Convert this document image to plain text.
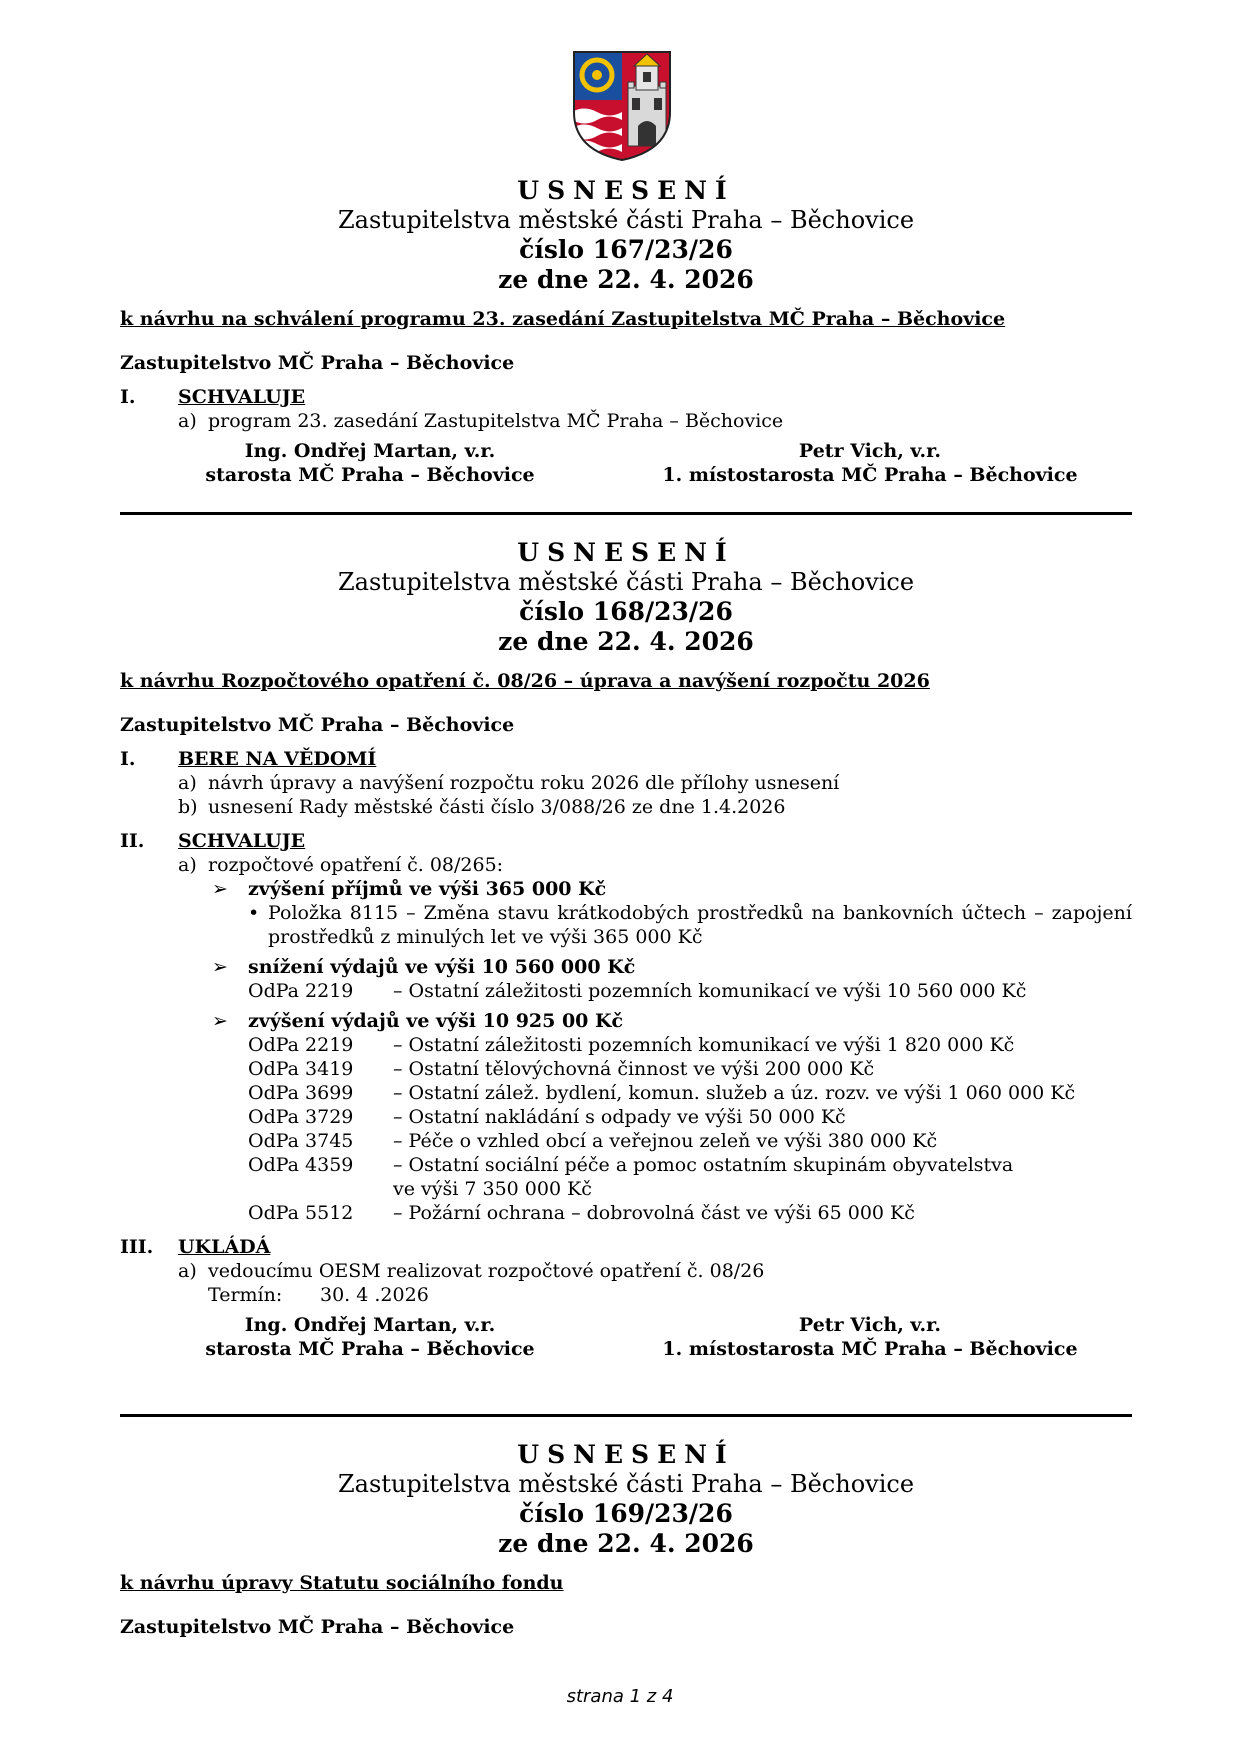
USNESENÍ
Zastupitelstva městské části Praha – Běchovice
číslo 167/23/26
ze dne 22. 4. 2026
k návrhu na schválení programu 23. zasedání Zastupitelstva MČ Praha – Běchovice
Zastupitelstvo MČ Praha – Běchovice
I. SCHVALUJE
a) program 23. zasedání Zastupitelstva MČ Praha – Běchovice
Ing. Ondřej Martan, v.r.
starosta MČ Praha – Běchovice
Petr Vich, v.r.
1. místostarosta MČ Praha – Běchovice
USNESENÍ
Zastupitelstva městské části Praha – Běchovice
číslo 168/23/26
ze dne 22. 4. 2026
k návrhu Rozpočtového opatření č. 08/26 – úprava a navýšení rozpočtu 2026
Zastupitelstvo MČ Praha – Běchovice
I. BERE NA VĚDOMÍ
a) návrh úpravy a navýšení rozpočtu roku 2026 dle přílohy usnesení
b) usnesení Rady městské části číslo 3/088/26 ze dne 1.4.2026
II. SCHVALUJE
a) rozpočtové opatření č. 08/265:
➢ zvýšení příjmů ve výši 365 000 Kč
• Položka 8115 – Změna stavu krátkodobých prostředků na bankovních účtech – zapojení prostředků z minulých let ve výši 365 000 Kč
➢ snížení výdajů ve výši 10 560 000 Kč
OdPa 2219 – Ostatní záležitosti pozemních komunikací ve výši 10 560 000 Kč
➢ zvýšení výdajů ve výši 10 925 00 Kč
OdPa 2219 – Ostatní záležitosti pozemních komunikací ve výši 1 820 000 Kč
OdPa 3419 – Ostatní tělovýchovná činnost ve výši 200 000 Kč
OdPa 3699 – Ostatní zálež. bydlení, komun. služeb a úz. rozv. ve výši 1 060 000 Kč
OdPa 3729 – Ostatní nakládání s odpady ve výši 50 000 Kč
OdPa 3745 – Péče o vzhled obcí a veřejnou zeleň ve výši 380 000 Kč
OdPa 4359 – Ostatní sociální péče a pomoc ostatním skupinám obyvatelstva
ve výši 7 350 000 Kč
OdPa 5512 – Požární ochrana – dobrovolná část ve výši 65 000 Kč
III. UKLÁDÁ
a) vedoucímu OESM realizovat rozpočtové opatření č. 08/26
Termín: 30. 4 .2026
Ing. Ondřej Martan, v.r.
starosta MČ Praha – Běchovice
Petr Vich, v.r.
1. místostarosta MČ Praha – Běchovice
USNESENÍ
Zastupitelstva městské části Praha – Běchovice
číslo 169/23/26
ze dne 22. 4. 2026
k návrhu úpravy Statutu sociálního fondu
Zastupitelstvo MČ Praha – Běchovice
strana 1 z 4
